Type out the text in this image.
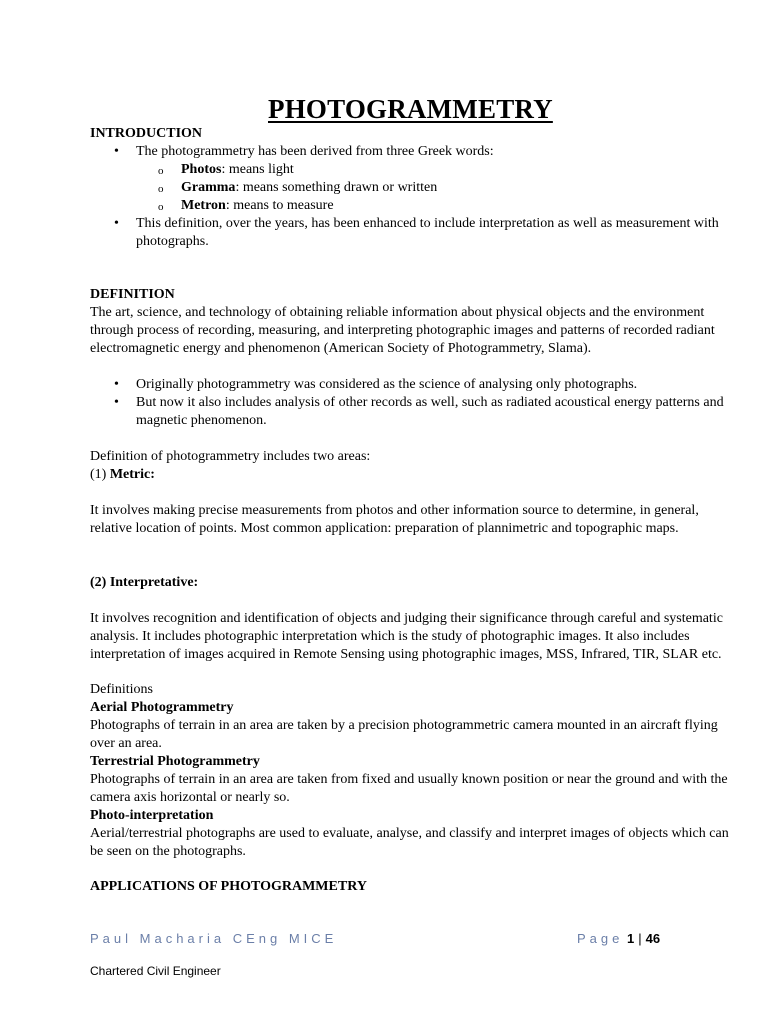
PHOTOGRAMMETRY
INTRODUCTION
• The photogrammetry has been derived from three Greek words:
o Photos: means light
o Gramma: means something drawn or written
o Metron: means to measure
• This definition, over the years, has been enhanced to include interpretation as well as measurement with photographs.
DEFINITION
The art, science, and technology of obtaining reliable information about physical objects and the environment through process of recording, measuring, and interpreting photographic images and patterns of recorded radiant electromagnetic energy and phenomenon (American Society of Photogrammetry, Slama).
• Originally photogrammetry was considered as the science of analysing only photographs.
• But now it also includes analysis of other records as well, such as radiated acoustical energy patterns and magnetic phenomenon.
Definition of photogrammetry includes two areas:
(1) Metric:
It involves making precise measurements from photos and other information source to determine, in general, relative location of points. Most common application: preparation of plannimetric and topographic maps.
(2) Interpretative:
It involves recognition and identification of objects and judging their significance through careful and systematic analysis. It includes photographic interpretation which is the study of photographic images. It also includes interpretation of images acquired in Remote Sensing using photographic images, MSS, Infrared, TIR, SLAR etc.
Definitions
Aerial Photogrammetry
Photographs of terrain in an area are taken by a precision photogrammetric camera mounted in an aircraft flying over an area.
Terrestrial Photogrammetry
Photographs of terrain in an area are taken from fixed and usually known position or near the ground and with the camera axis horizontal or nearly so.
Photo-interpretation
Aerial/terrestrial photographs are used to evaluate, analyse, and classify and interpret images of objects which can be seen on the photographs.
APPLICATIONS OF PHOTOGRAMMETRY
Paul Macharia CEng MICE	Page 1 | 46
Chartered Civil Engineer
